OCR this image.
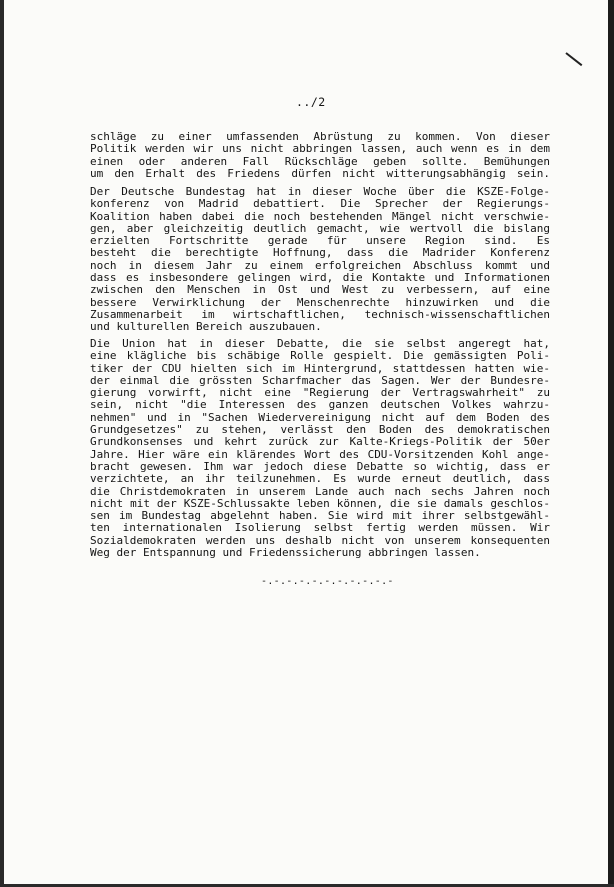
../2
schläge zu einer umfassenden Abrüstung zu kommen. Von dieser
Politik werden wir uns nicht abbringen lassen, auch wenn es in dem
einen oder anderen Fall Rückschläge geben sollte. Bemühungen
um den Erhalt des Friedens dürfen nicht witterungsabhängig sein.
Der Deutsche Bundestag hat in dieser Woche über die KSZE-Folge-
konferenz von Madrid debattiert. Die Sprecher der Regierungs-
Koalition haben dabei die noch bestehenden Mängel nicht verschwie-
gen, aber gleichzeitig deutlich gemacht, wie wertvoll die bislang
erzielten Fortschritte gerade für unsere Region sind. Es
besteht die berechtigte Hoffnung, dass die Madrider Konferenz
noch in diesem Jahr zu einem erfolgreichen Abschluss kommt und
dass es insbesondere gelingen wird, die Kontakte und Informationen
zwischen den Menschen in Ost und West zu verbessern, auf eine
bessere Verwirklichung der Menschenrechte hinzuwirken und die
Zusammenarbeit im wirtschaftlichen, technisch-wissenschaftlichen
und kulturellen Bereich auszubauen.
Die Union hat in dieser Debatte, die sie selbst angeregt hat,
eine klägliche bis schäbige Rolle gespielt. Die gemässigten Poli-
tiker der CDU hielten sich im Hintergrund, stattdessen hatten wie-
der einmal die grössten Scharfmacher das Sagen. Wer der Bundesre-
gierung vorwirft, nicht eine "Regierung der Vertragswahrheit" zu
sein, nicht "die Interessen des ganzen deutschen Volkes wahrzu-
nehmen" und in "Sachen Wiedervereinigung nicht auf dem Boden des
Grundgesetzes" zu stehen, verlässt den Boden des demokratischen
Grundkonsenses und kehrt zurück zur Kalte-Kriegs-Politik der 50er
Jahre. Hier wäre ein klärendes Wort des CDU-Vorsitzenden Kohl ange-
bracht gewesen. Ihm war jedoch diese Debatte so wichtig, dass er
verzichtete, an ihr teilzunehmen. Es wurde erneut deutlich, dass
die Christdemokraten in unserem Lande auch nach sechs Jahren noch
nicht mit der KSZE-Schlussakte leben können, die sie damals geschlos-
sen im Bundestag abgelehnt haben. Sie wird mit ihrer selbstgewähl-
ten internationalen Isolierung selbst fertig werden müssen. Wir
Sozialdemokraten werden uns deshalb nicht von unserem konsequenten
Weg der Entspannung und Friedenssicherung abbringen lassen.
-.-.-.-.-.-.-.-.-.-.-
